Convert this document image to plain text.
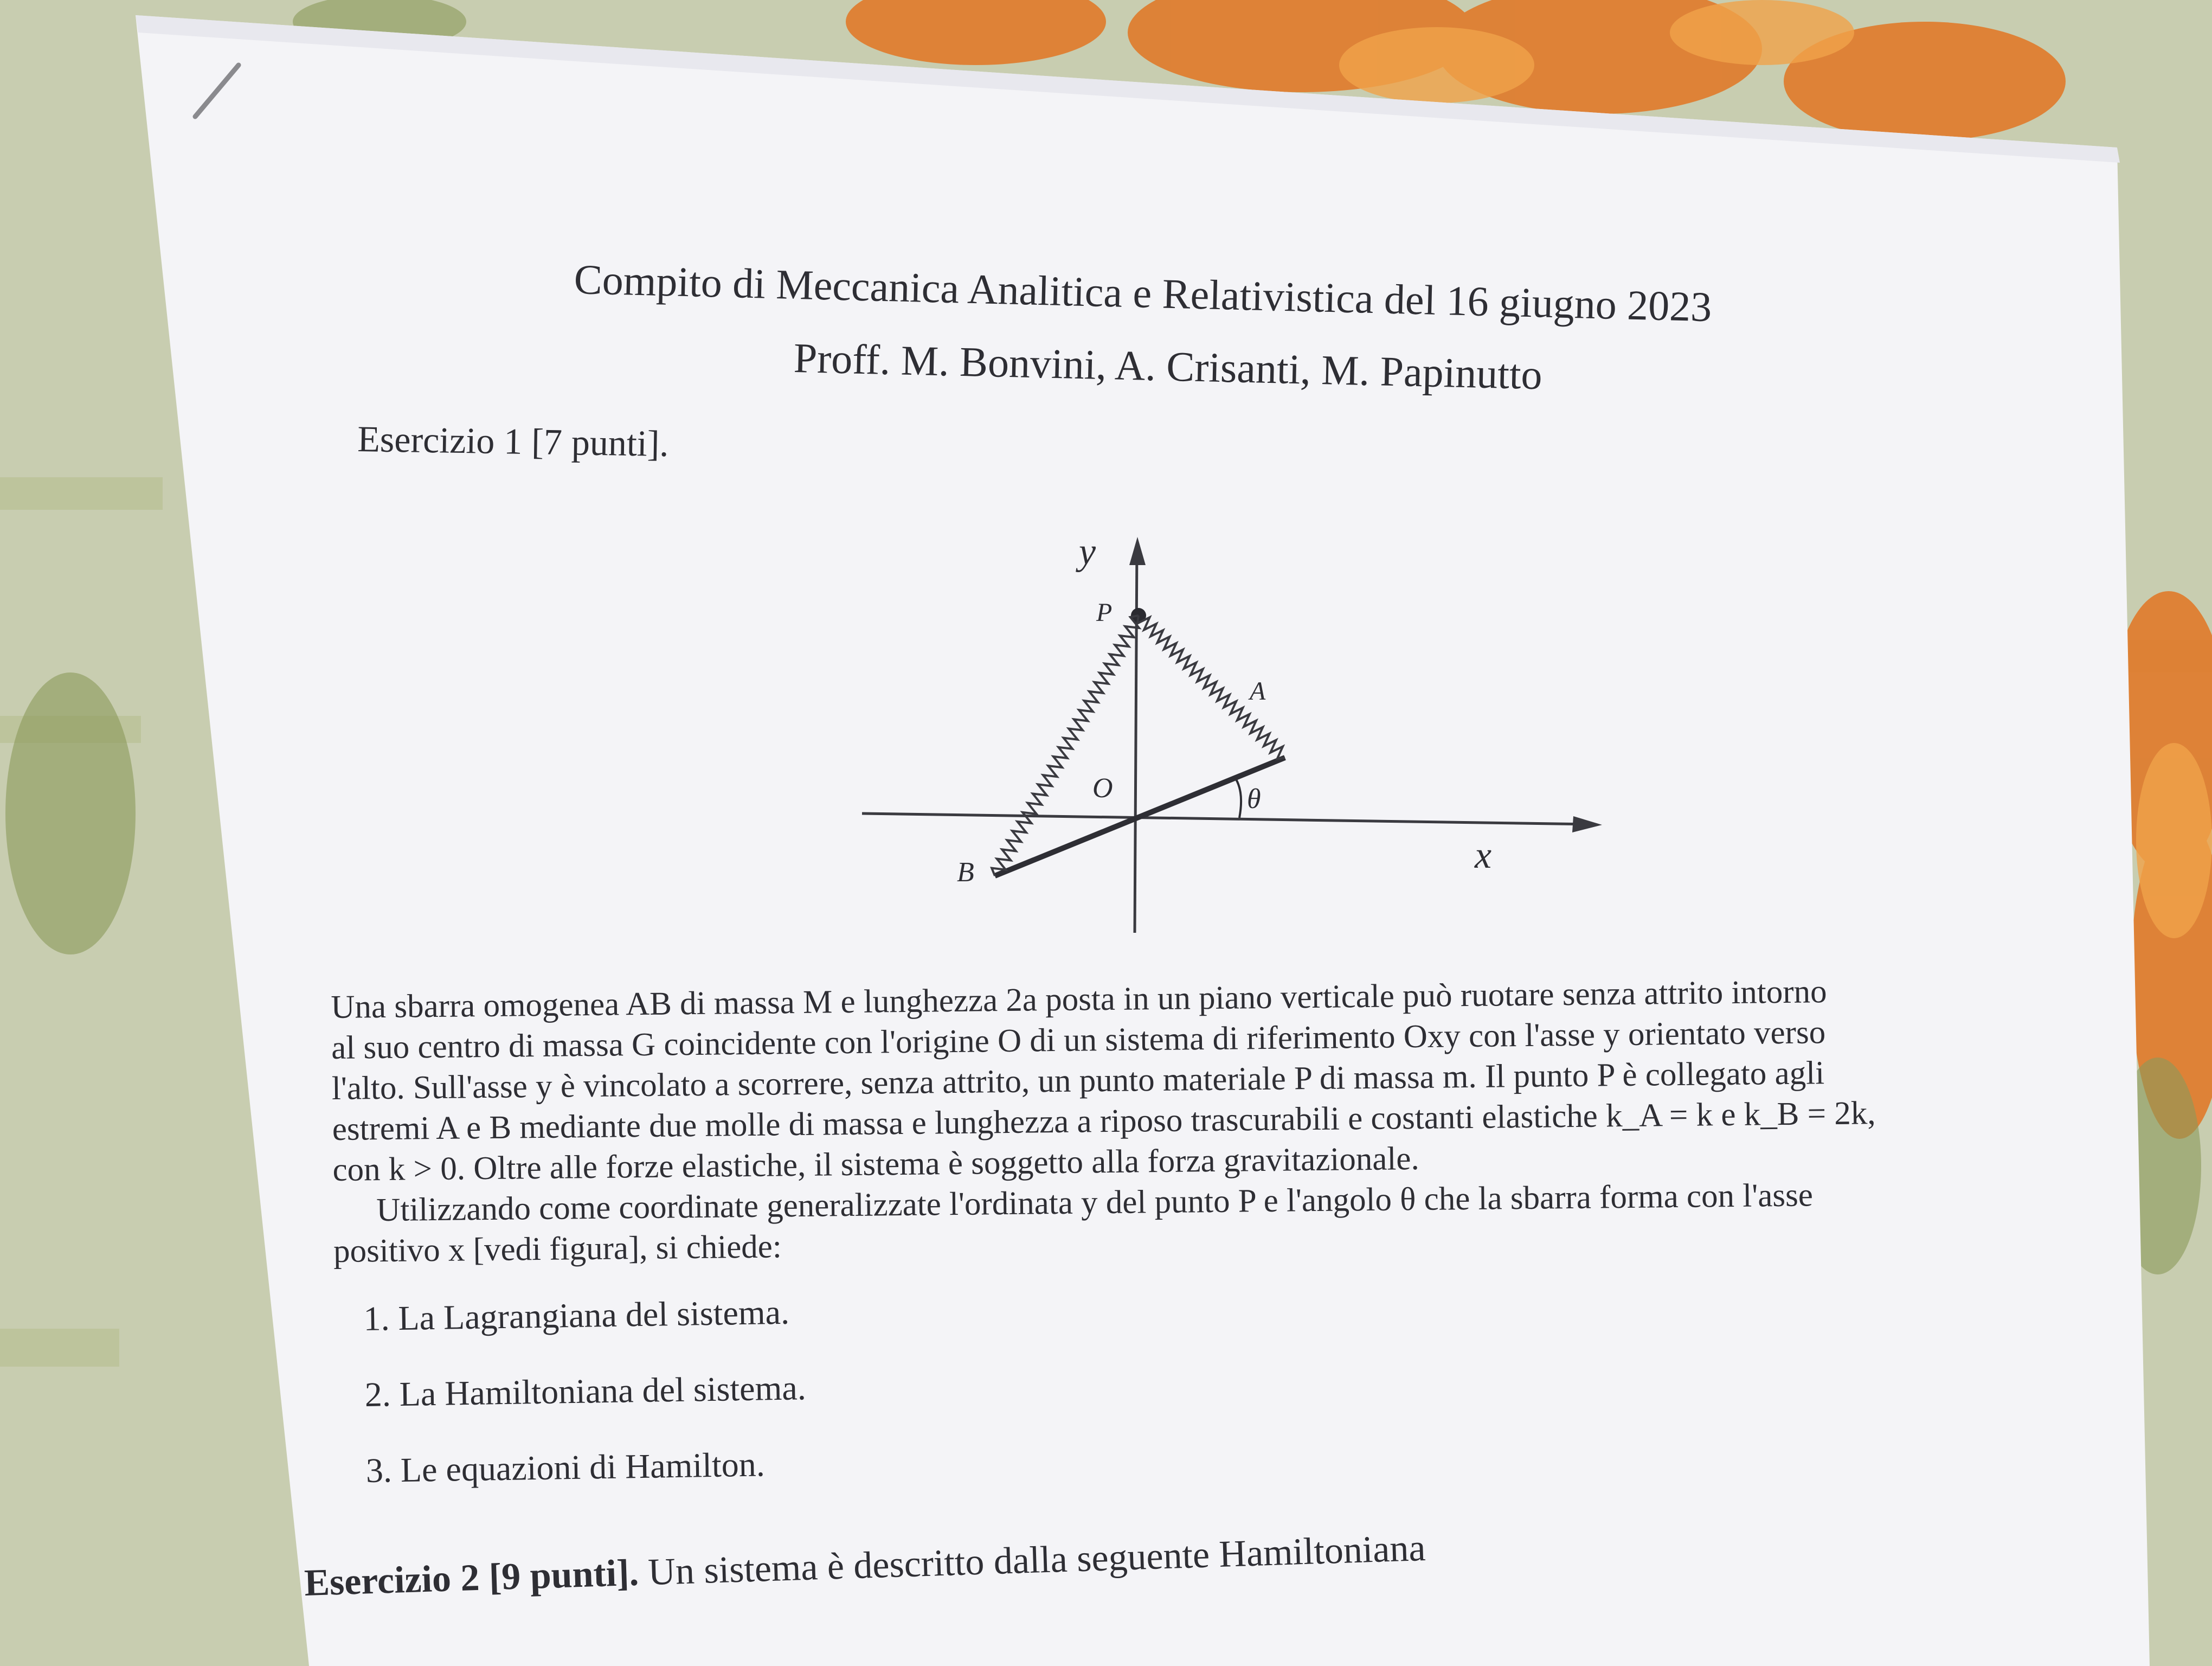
Compito di Meccanica Analitica e Relativistica del 16 giugno 2023
Proff. M. Bonvini, A. Crisanti, M. Papinutto
Esercizio 1 [7 punti].
y
P
A
O	θ
B	x

Una sbarra omogenea AB di massa M e lunghezza 2a posta in un piano verticale può ruotare senza attrito intorno

al suo centro di massa G coincidente con l'origine O di un sistema di riferimento Oxy con l'asse y orientato verso

l'alto. Sull'asse y è vincolato a scorrere, senza attrito, un punto materiale P di massa m. Il punto P è collegato agli

estremi A e B mediante due molle di massa e lunghezza a riposo trascurabili e costanti elastiche k_A = k e k_B = 2k,

con k > 0. Oltre alle forze elastiche, il sistema è soggetto alla forza gravitazionale.

Utilizzando come coordinate generalizzate l'ordinata y del punto P e l'angolo θ che la sbarra forma con l'asse

positivo x [vedi figura], si chiede:

1. La Lagrangiana del sistema.
2. La Hamiltoniana del sistema.
3. Le equazioni di Hamilton.
Esercizio 2 [9 punti]. Un sistema è descritto dalla seguente Hamiltoniana
